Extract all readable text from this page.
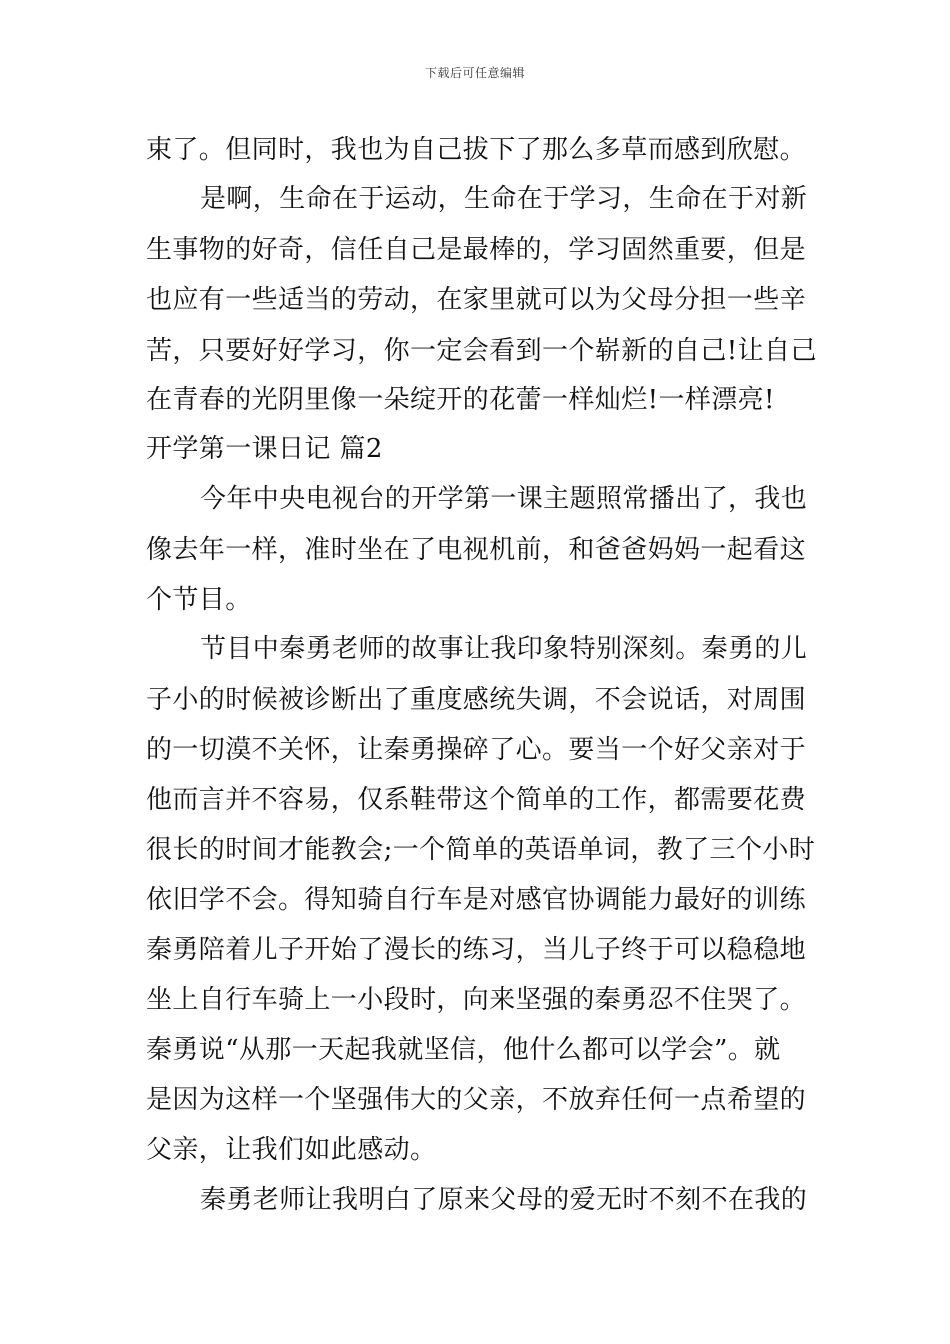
下载后可任意编辑
束了。但同时，我也为自己拔下了那么多草而感到欣慰。
是啊，生命在于运动，生命在于学习，生命在于对新
生事物的好奇，信任自己是最棒的，学习固然重要，但是
也应有一些适当的劳动，在家里就可以为父母分担一些辛
苦，只要好好学习，你一定会看到一个崭新的自己!让自己
在青春的光阴里像一朵绽开的花蕾一样灿烂!一样漂亮!
开学第一课日记 篇2
今年中央电视台的开学第一课主题照常播出了，我也
像去年一样，准时坐在了电视机前，和爸爸妈妈一起看这
个节目。
节目中秦勇老师的故事让我印象特别深刻。秦勇的儿
子小的时候被诊断出了重度感统失调，不会说话，对周围
的一切漠不关怀，让秦勇操碎了心。要当一个好父亲对于
他而言并不容易，仅系鞋带这个简单的工作，都需要花费
很长的时间才能教会;一个简单的英语单词，教了三个小时
依旧学不会。得知骑自行车是对感官协调能力最好的训练
秦勇陪着儿子开始了漫长的练习，当儿子终于可以稳稳地
坐上自行车骑上一小段时，向来坚强的秦勇忍不住哭了。
秦勇说“从那一天起我就坚信，他什么都可以学会”。就
是因为这样一个坚强伟大的父亲，不放弃任何一点希望的
父亲，让我们如此感动。
秦勇老师让我明白了原来父母的爱无时不刻不在我的
